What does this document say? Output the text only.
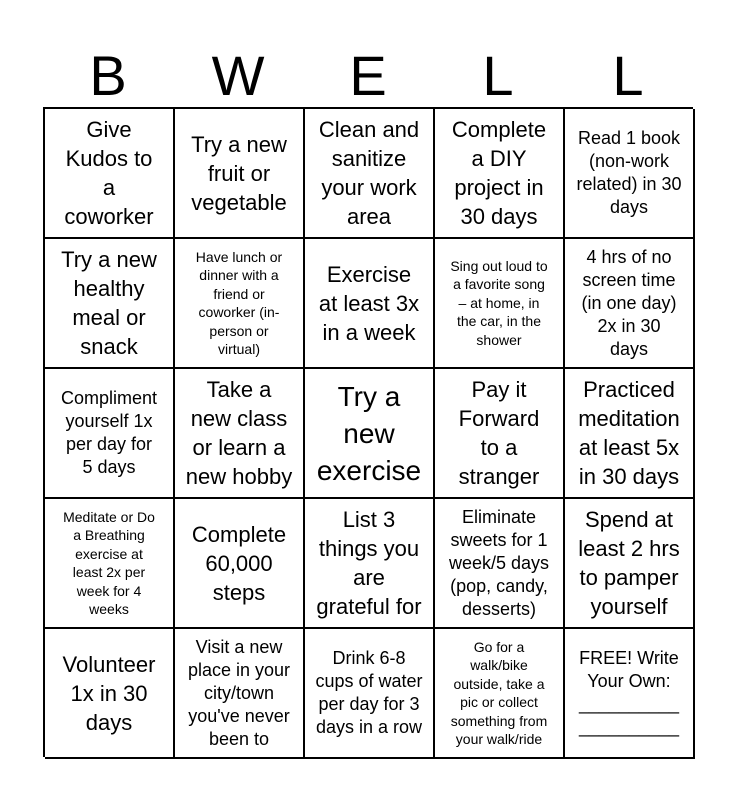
B	W	E	L	L
Give
Kudos to
a
coworker
Try a new
fruit or
vegetable
Clean and
sanitize
your work
area
Complete
a DIY
project in
30 days
Read 1 book
(non-work
related) in 30
days
Try a new
healthy
meal or
snack
Have lunch or
dinner with a
friend or
coworker (in-
person or
virtual)
Exercise
at least 3x
in a week
Sing out loud to
a favorite song
– at home, in
the car, in the
shower
4 hrs of no
screen time
(in one day)
2x in 30
days
Compliment
yourself 1x
per day for
5 days
Take a
new class
or learn a
new hobby
Try a
new
exercise
Pay it
Forward
to a
stranger
Practiced
meditation
at least 5x
in 30 days
Meditate or Do
a Breathing
exercise at
least 2x per
week for 4
weeks
Complete
60,000
steps
List 3
things you
are
grateful for
Eliminate
sweets for 1
week/5 days
(pop, candy,
desserts)
Spend at
least 2 hrs
to pamper
yourself
Volunteer
1x in 30
days
Visit a new
place in your
city/town
you've never
been to
Drink 6-8
cups of water
per day for 3
days in a row
Go for a
walk/bike
outside, take a
pic or collect
something from
your walk/ride
FREE! Write
Your Own:
__________
__________
